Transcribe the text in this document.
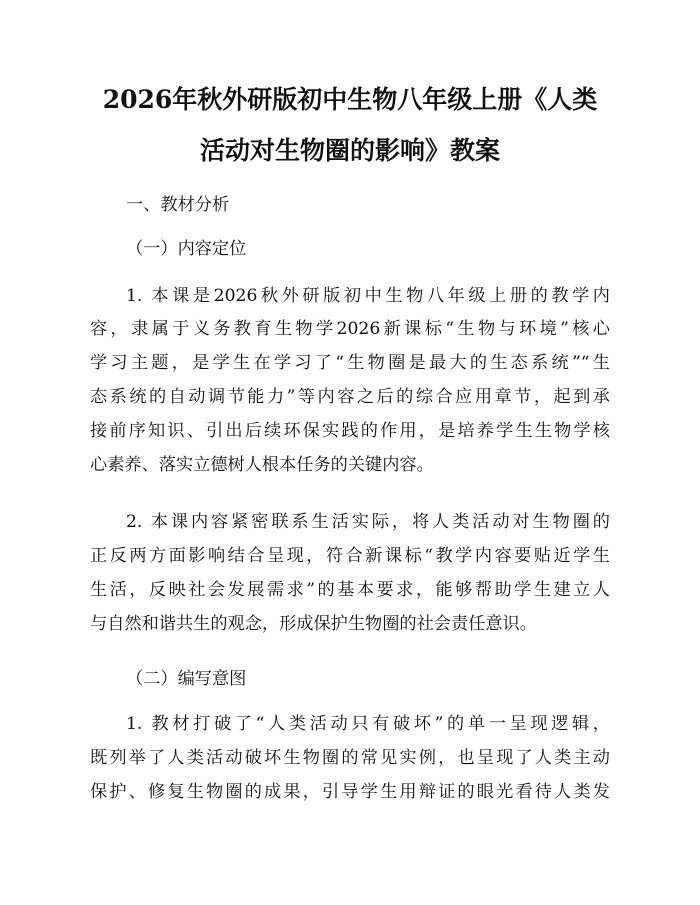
2026年秋外研版初中生物八年级上册《人类
活动对生物圈的影响》教案
一、教材分析
（一）内容定位
1. 本课是2026秋外研版初中生物八年级上册的教学内
容，隶属于义务教育生物学2026新课标“生物与环境”核心
学习主题，是学生在学习了“生物圈是最大的生态系统”“生
态系统的自动调节能力”等内容之后的综合应用章节，起到承
接前序知识、引出后续环保实践的作用，是培养学生生物学核
心素养、落实立德树人根本任务的关键内容。
2. 本课内容紧密联系生活实际，将人类活动对生物圈的
正反两方面影响结合呈现，符合新课标“教学内容要贴近学生
生活，反映社会发展需求”的基本要求，能够帮助学生建立人
与自然和谐共生的观念，形成保护生物圈的社会责任意识。
（二）编写意图
1. 教材打破了“人类活动只有破坏”的单一呈现逻辑，
既列举了人类活动破坏生物圈的常见实例，也呈现了人类主动
保护、修复生物圈的成果，引导学生用辩证的眼光看待人类发
